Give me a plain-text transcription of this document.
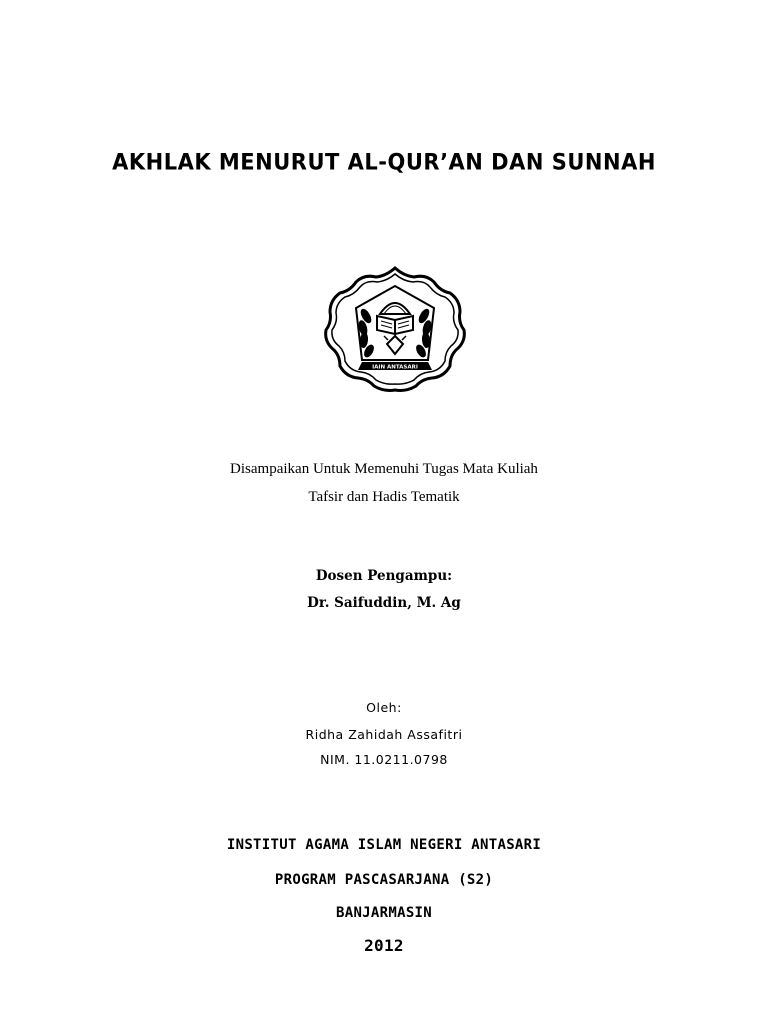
AKHLAK MENURUT AL-QUR’AN DAN SUNNAH
IAIN ANTASARI

Disampaikan Untuk Memenuhi Tugas Mata Kuliah

Tafsir dan Hadis Tematik

Dosen Pengampu:

Dr. Saifuddin, M. Ag

Oleh:

Ridha Zahidah Assafitri

NIM. 11.0211.0798

INSTITUT AGAMA ISLAM NEGERI ANTASARI

PROGRAM PASCASARJANA (S2)

BANJARMASIN

2012
